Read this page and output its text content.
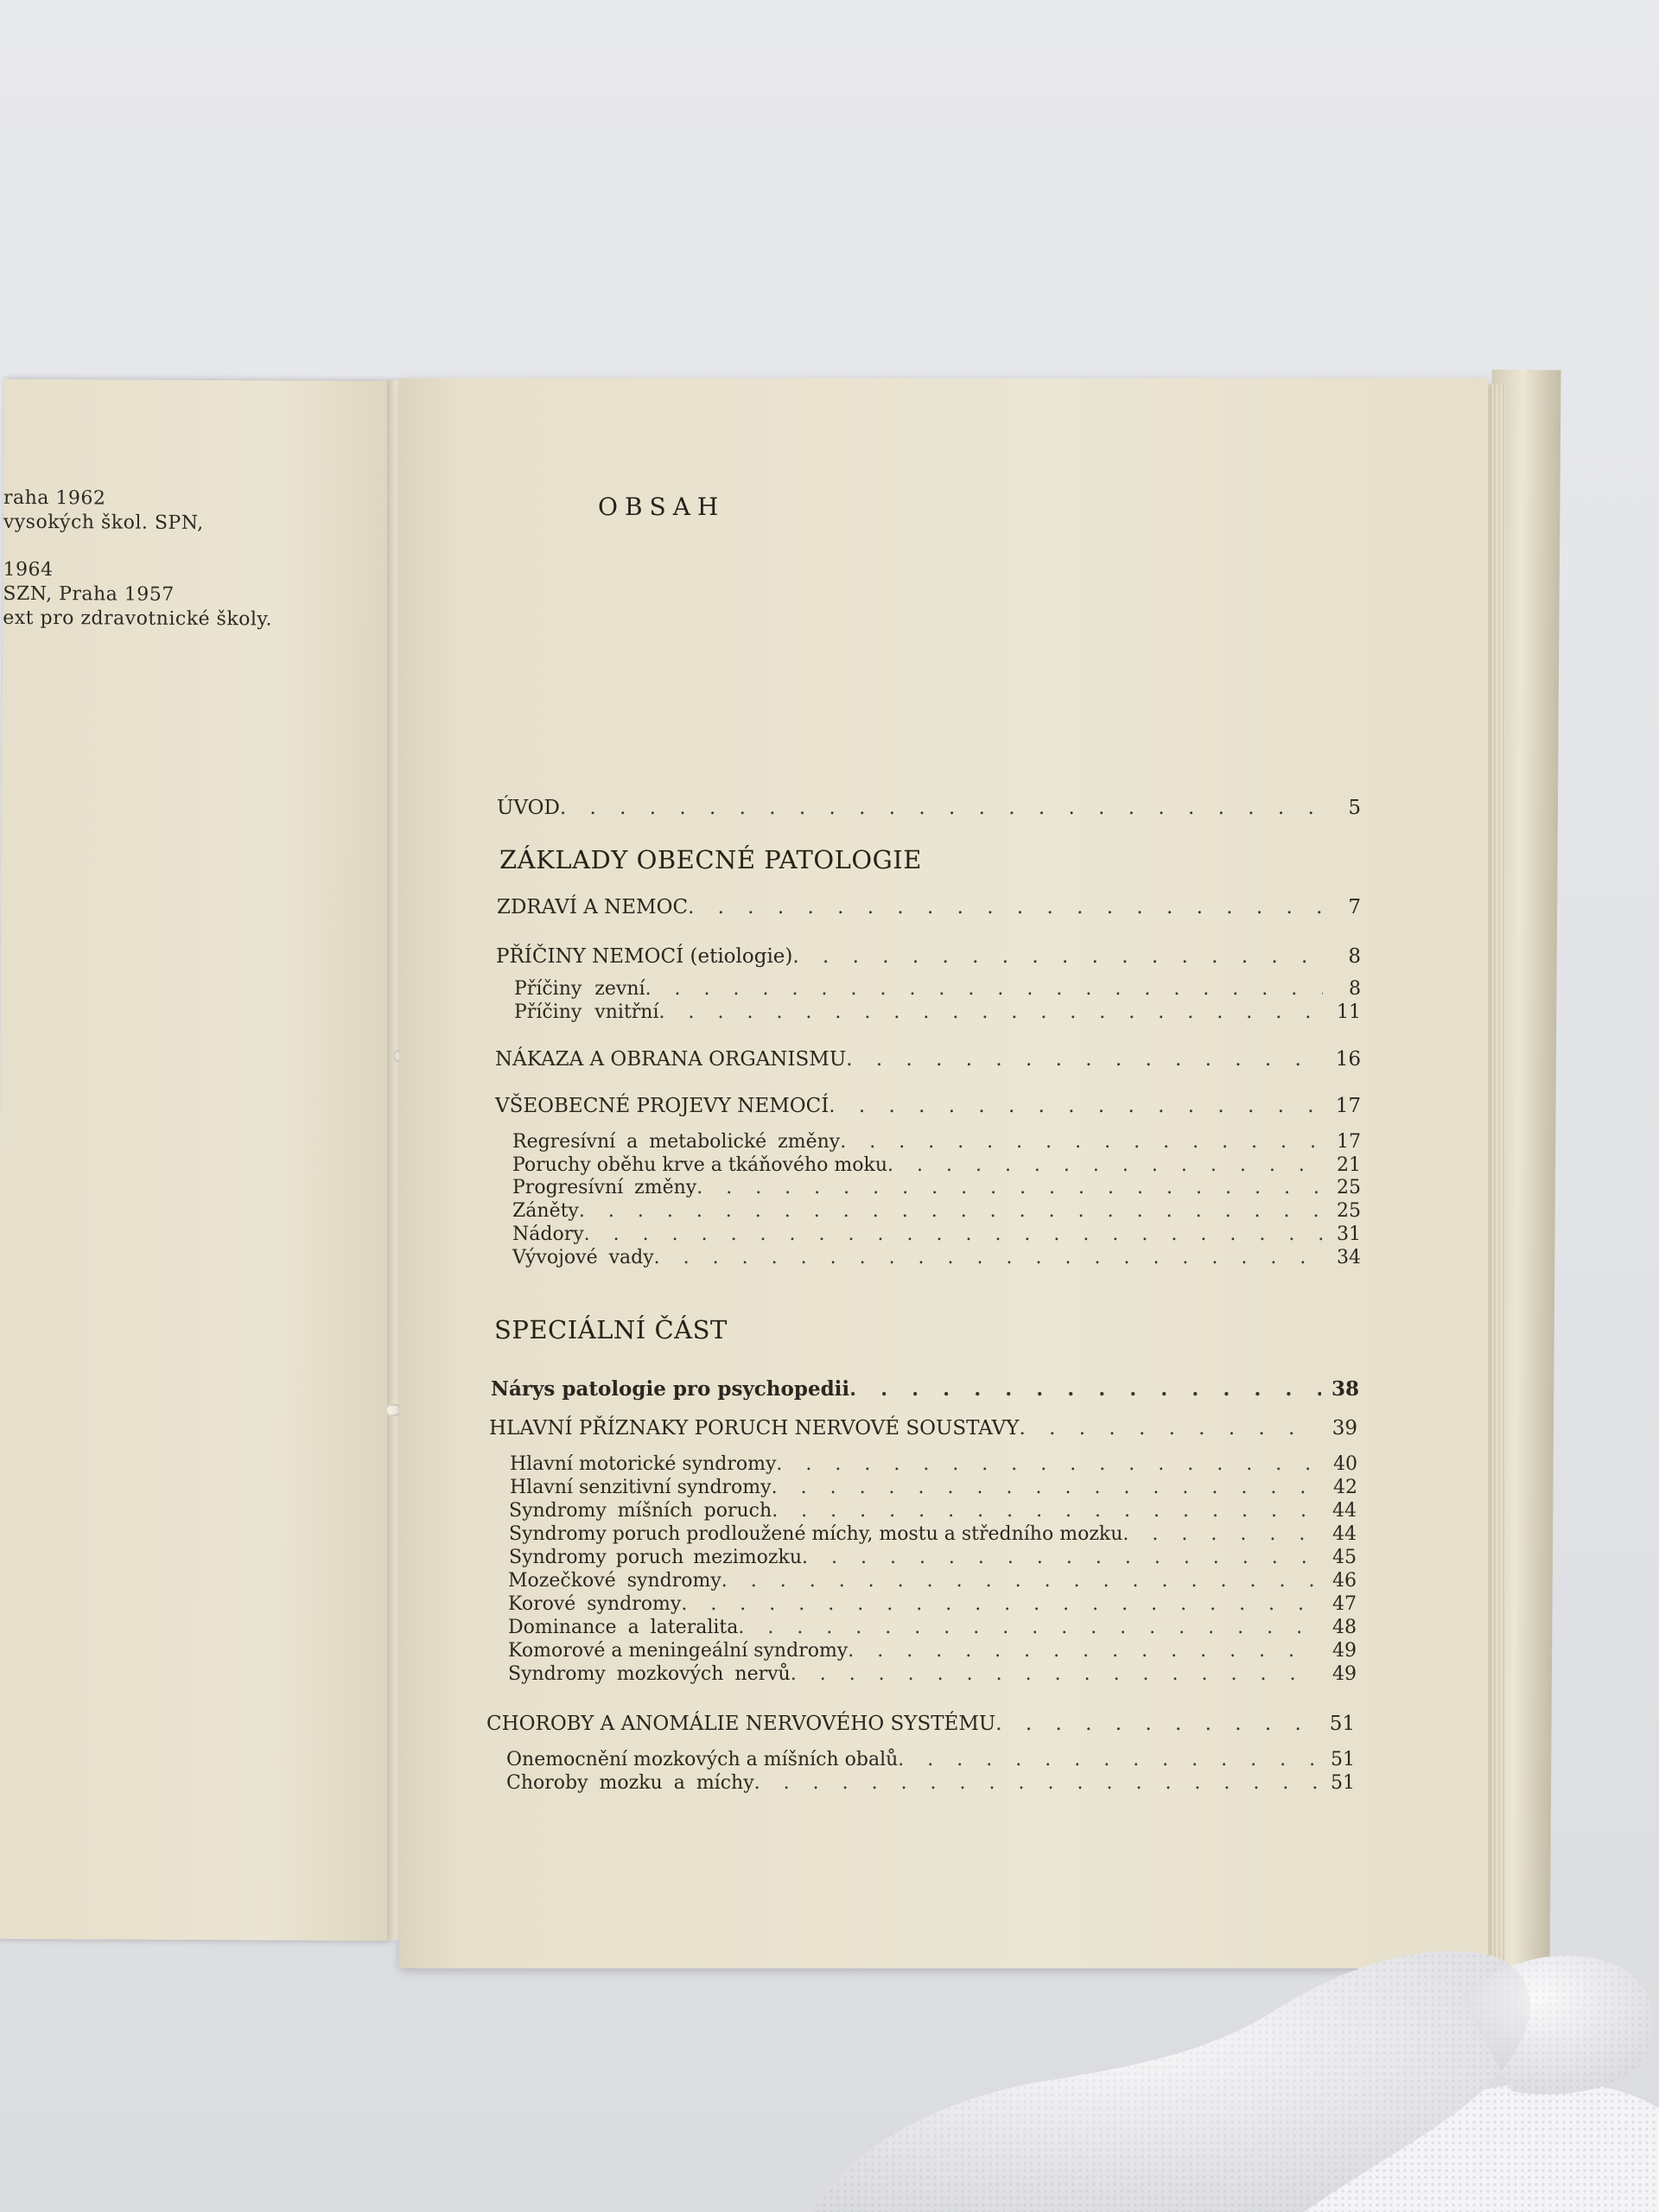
raha 1962
vysokých škol. SPN,
1964
SZN, Praha 1957
ext pro zdravotnické školy.
OBSAH
ÚVOD . . .	5
ZÁKLADY OBECNÉ PATOLOGIE
ZDRAVÍ A NEMOC . . .	7
PŘÍČINY NEMOCÍ (etiologie) . . .	8
Příčiny zevní . . .	8
Příčiny vnitřní . . .	11
NÁKAZA A OBRANA ORGANISMU . . .	16
VŠEOBECNÉ PROJEVY NEMOCÍ . . .	17
Regresívní a metabolické změny . . .	17
Poruchy oběhu krve a tkáňového moku . . .	21
Progresívní změny . . .	25
Záněty . . .	25
Nádory . . .	31
Vývojové vady . . .	34
SPECIÁLNÍ ČÁST
Nárys patologie pro psychopedii . . .	38
HLAVNÍ PŘÍZNAKY PORUCH NERVOVÉ SOUSTAVY . . .	39
Hlavní motorické syndromy . . .	40
Hlavní senzitivní syndromy . . .	42
Syndromy míšních poruch . . .	44
Syndromy poruch prodloužené míchy, mostu a středního mozku . . .	44
Syndromy poruch mezimozku . . .	45
Mozečkové syndromy . . .	46
Korové syndromy . . .	47
Dominance a lateralita . . .	48
Komorové a meningeální syndromy . . .	49
Syndromy mozkových nervů . . .	49
CHOROBY A ANOMÁLIE NERVOVÉHO SYSTÉMU . . .	51
Onemocnění mozkových a míšních obalů . . .	51
Choroby mozku a míchy . . .	51
